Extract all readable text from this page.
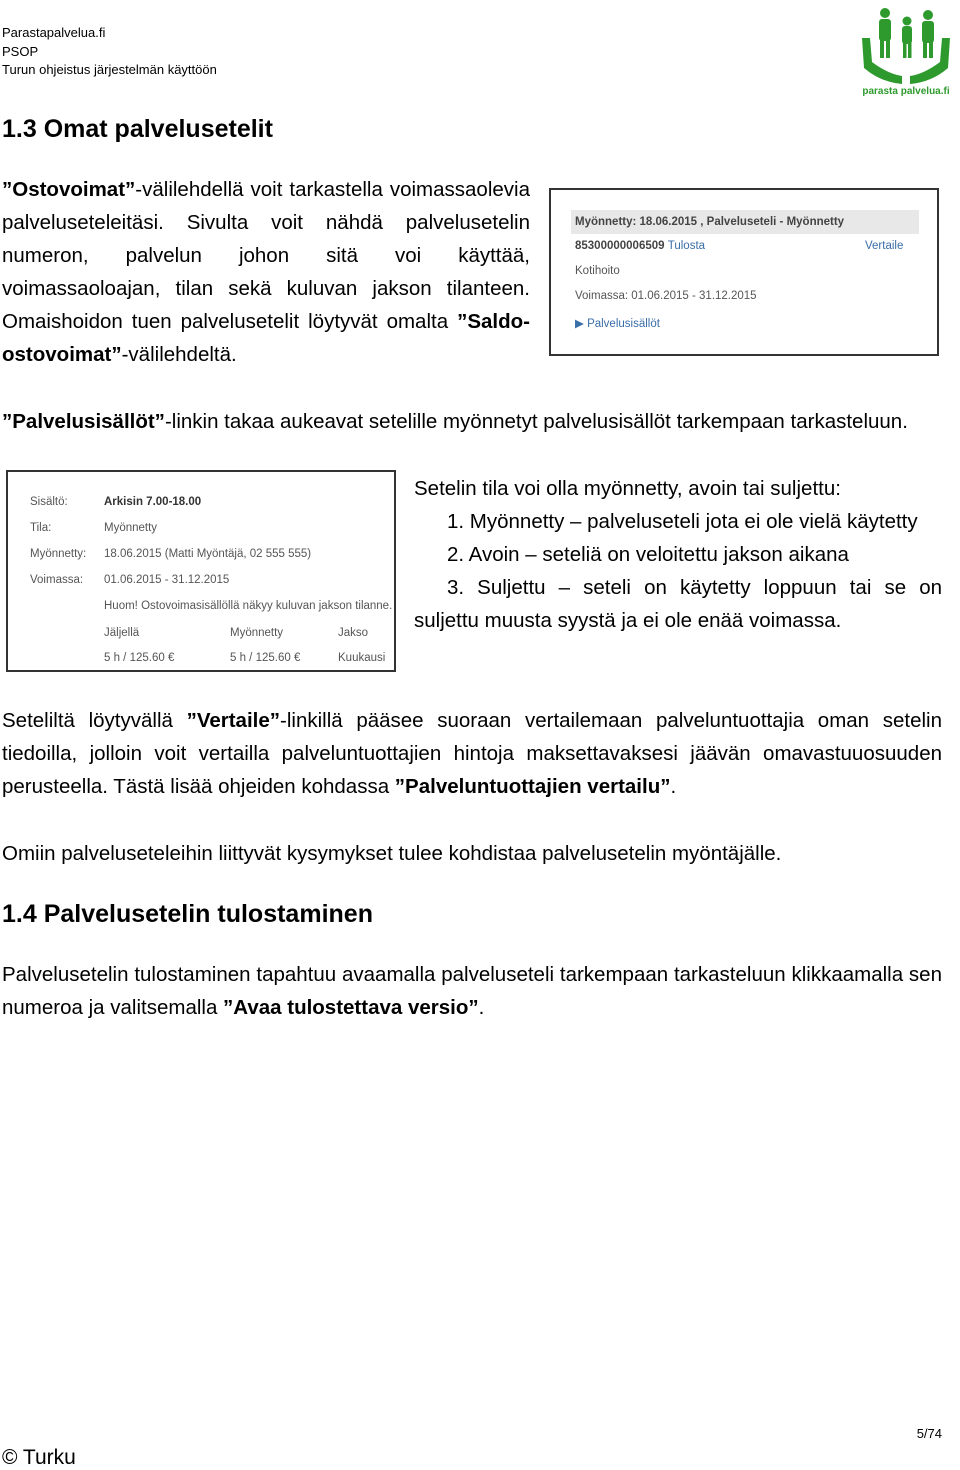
Parastapalvelua.fi
PSOP
Turun ohjeistus järjestelmän käyttöön
parasta palvelua.fi
1.3 Omat palvelusetelit
”Ostovoimat”-välilehdellä voit tarkastella voimassaolevia palveluseteleitäsi. Sivulta voit nähdä palvelusetelin numeron, palvelun johon sitä voi käyttää, voimassaoloajan, tilan sekä kuluvan jakson tilanteen. Omaishoidon tuen palvelusetelit löytyvät omalta ”Saldo-ostovoimat”-välilehdeltä.
Myönnetty: 18.06.2015 , Palveluseteli - Myönnetty
85300000006509 Tulosta	Vertaile
Kotihoito
Voimassa: 01.06.2015 - 31.12.2015
▶ Palvelusisällöt
”Palvelusisällöt”-linkin takaa aukeavat setelille myönnetyt palvelusisällöt tarkempaan tarkasteluun.
Sisältö:	Arkisin 7.00-18.00
Tila:	Myönnetty
Myönnetty: 18.06.2015 (Matti Myöntäjä, 02 555 555)
Voimassa: 01.06.2015 - 31.12.2015
Huom! Ostovoimasisällöllä näkyy kuluvan jakson tilanne.
Jäljellä	Myönnetty	Jakso
5 h / 125.60 €	5 h / 125.60 €	Kuukausi
Setelin tila voi olla myönnetty, avoin tai suljettu:
1. Myönnetty – palveluseteli jota ei ole vielä käytetty
2. Avoin – seteliä on veloitettu jakson aikana
3. Suljettu – seteli on käytetty loppuun tai se on suljettu muusta syystä ja ei ole enää voimassa.
Seteliltä löytyvällä ”Vertaile”-linkillä pääsee suoraan vertailemaan palveluntuottajia oman setelin tiedoilla, jolloin voit vertailla palveluntuottajien hintoja maksettavaksesi jäävän omavastuuosuuden perusteella. Tästä lisää ohjeiden kohdassa ”Palveluntuottajien vertailu”.
Omiin palveluseteleihin liittyvät kysymykset tulee kohdistaa palvelusetelin myöntäjälle.
1.4 Palvelusetelin tulostaminen
Palvelusetelin tulostaminen tapahtuu avaamalla palveluseteli tarkempaan tarkasteluun klikkaamalla sen numeroa ja valitsemalla ”Avaa tulostettava versio”.
© Turku
5/74
